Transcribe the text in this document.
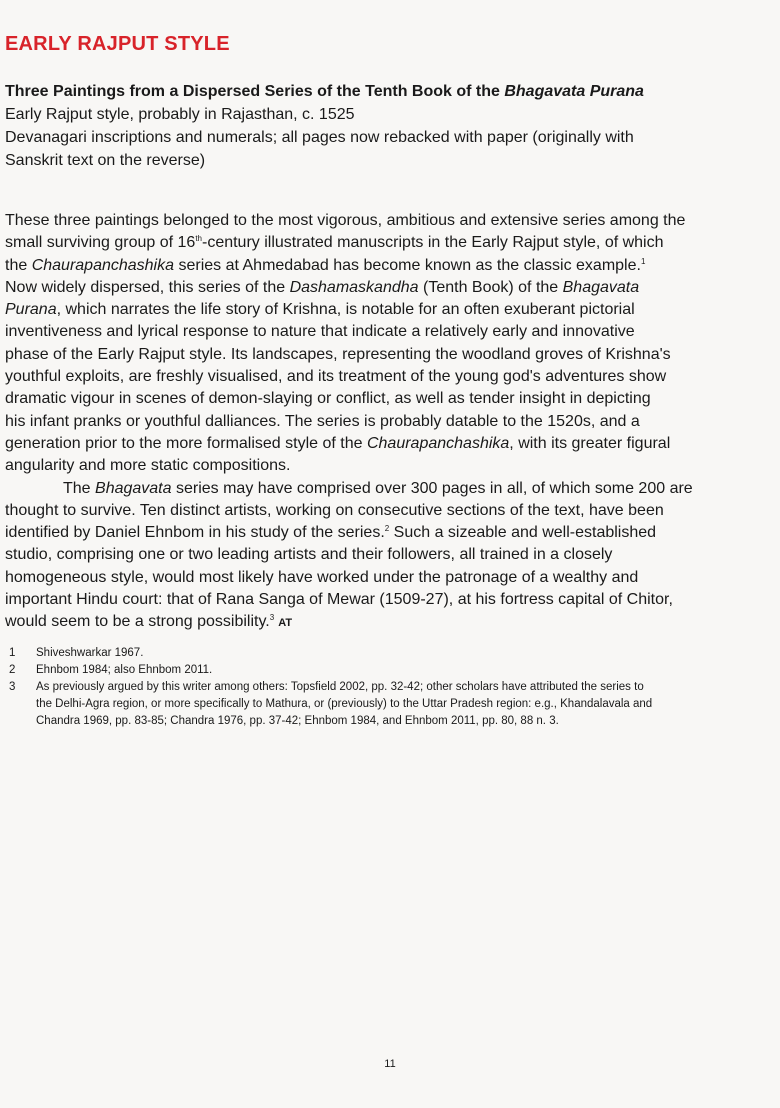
EARLY RAJPUT STYLE
Three Paintings from a Dispersed Series of the Tenth Book of the Bhagavata Purana
Early Rajput style, probably in Rajasthan, c. 1525
Devanagari inscriptions and numerals; all pages now rebacked with paper (originally with
Sanskrit text on the reverse)

These three paintings belonged to the most vigorous, ambitious and extensive series among the

small surviving group of 16th-century illustrated manuscripts in the Early Rajput style, of which

the Chaurapanchashika series at Ahmedabad has become known as the classic example.$^1$

Now widely dispersed, this series of the Dashamaskandha (Tenth Book) of the Bhagavata

Purana, which narrates the life story of Krishna, is notable for an often exuberant pictorial

inventiveness and lyrical response to nature that indicate a relatively early and innovative

phase of the Early Rajput style. Its landscapes, representing the woodland groves of Krishna's

youthful exploits, are freshly visualised, and its treatment of the young god's adventures show

dramatic vigour in scenes of demon-slaying or conflict, as well as tender insight in depicting

his infant pranks or youthful dalliances. The series is probably datable to the 1520s, and a

generation prior to the more formalised style of the Chaurapanchashika, with its greater figural

angularity and more static compositions.

The Bhagavata series may have comprised over 300 pages in all, of which some 200 are

thought to survive. Ten distinct artists, working on consecutive sections of the text, have been

identified by Daniel Ehnbom in his study of the series.$^2$ Such a sizeable and well-established

studio, comprising one or two leading artists and their followers, all trained in a closely

homogeneous style, would most likely have worked under the patronage of a wealthy and

important Hindu court: that of Rana Sanga of Mewar (1509-27), at his fortress capital of Chitor,

would seem to be a strong possibility.$^3$ AT

1	Shiveshwarkar 1967.
2	Ehnbom 1984; also Ehnbom 2011.
3	As previously argued by this writer among others: Topsfield 2002, pp. 32-42; other scholars have attributed the series to
the Delhi-Agra region, or more specifically to Mathura, or (previously) to the Uttar Pradesh region: e.g., Khandalavala and
Chandra 1969, pp. 83-85; Chandra 1976, pp. 37-42; Ehnbom 1984, and Ehnbom 2011, pp. 80, 88 n. 3.
11
